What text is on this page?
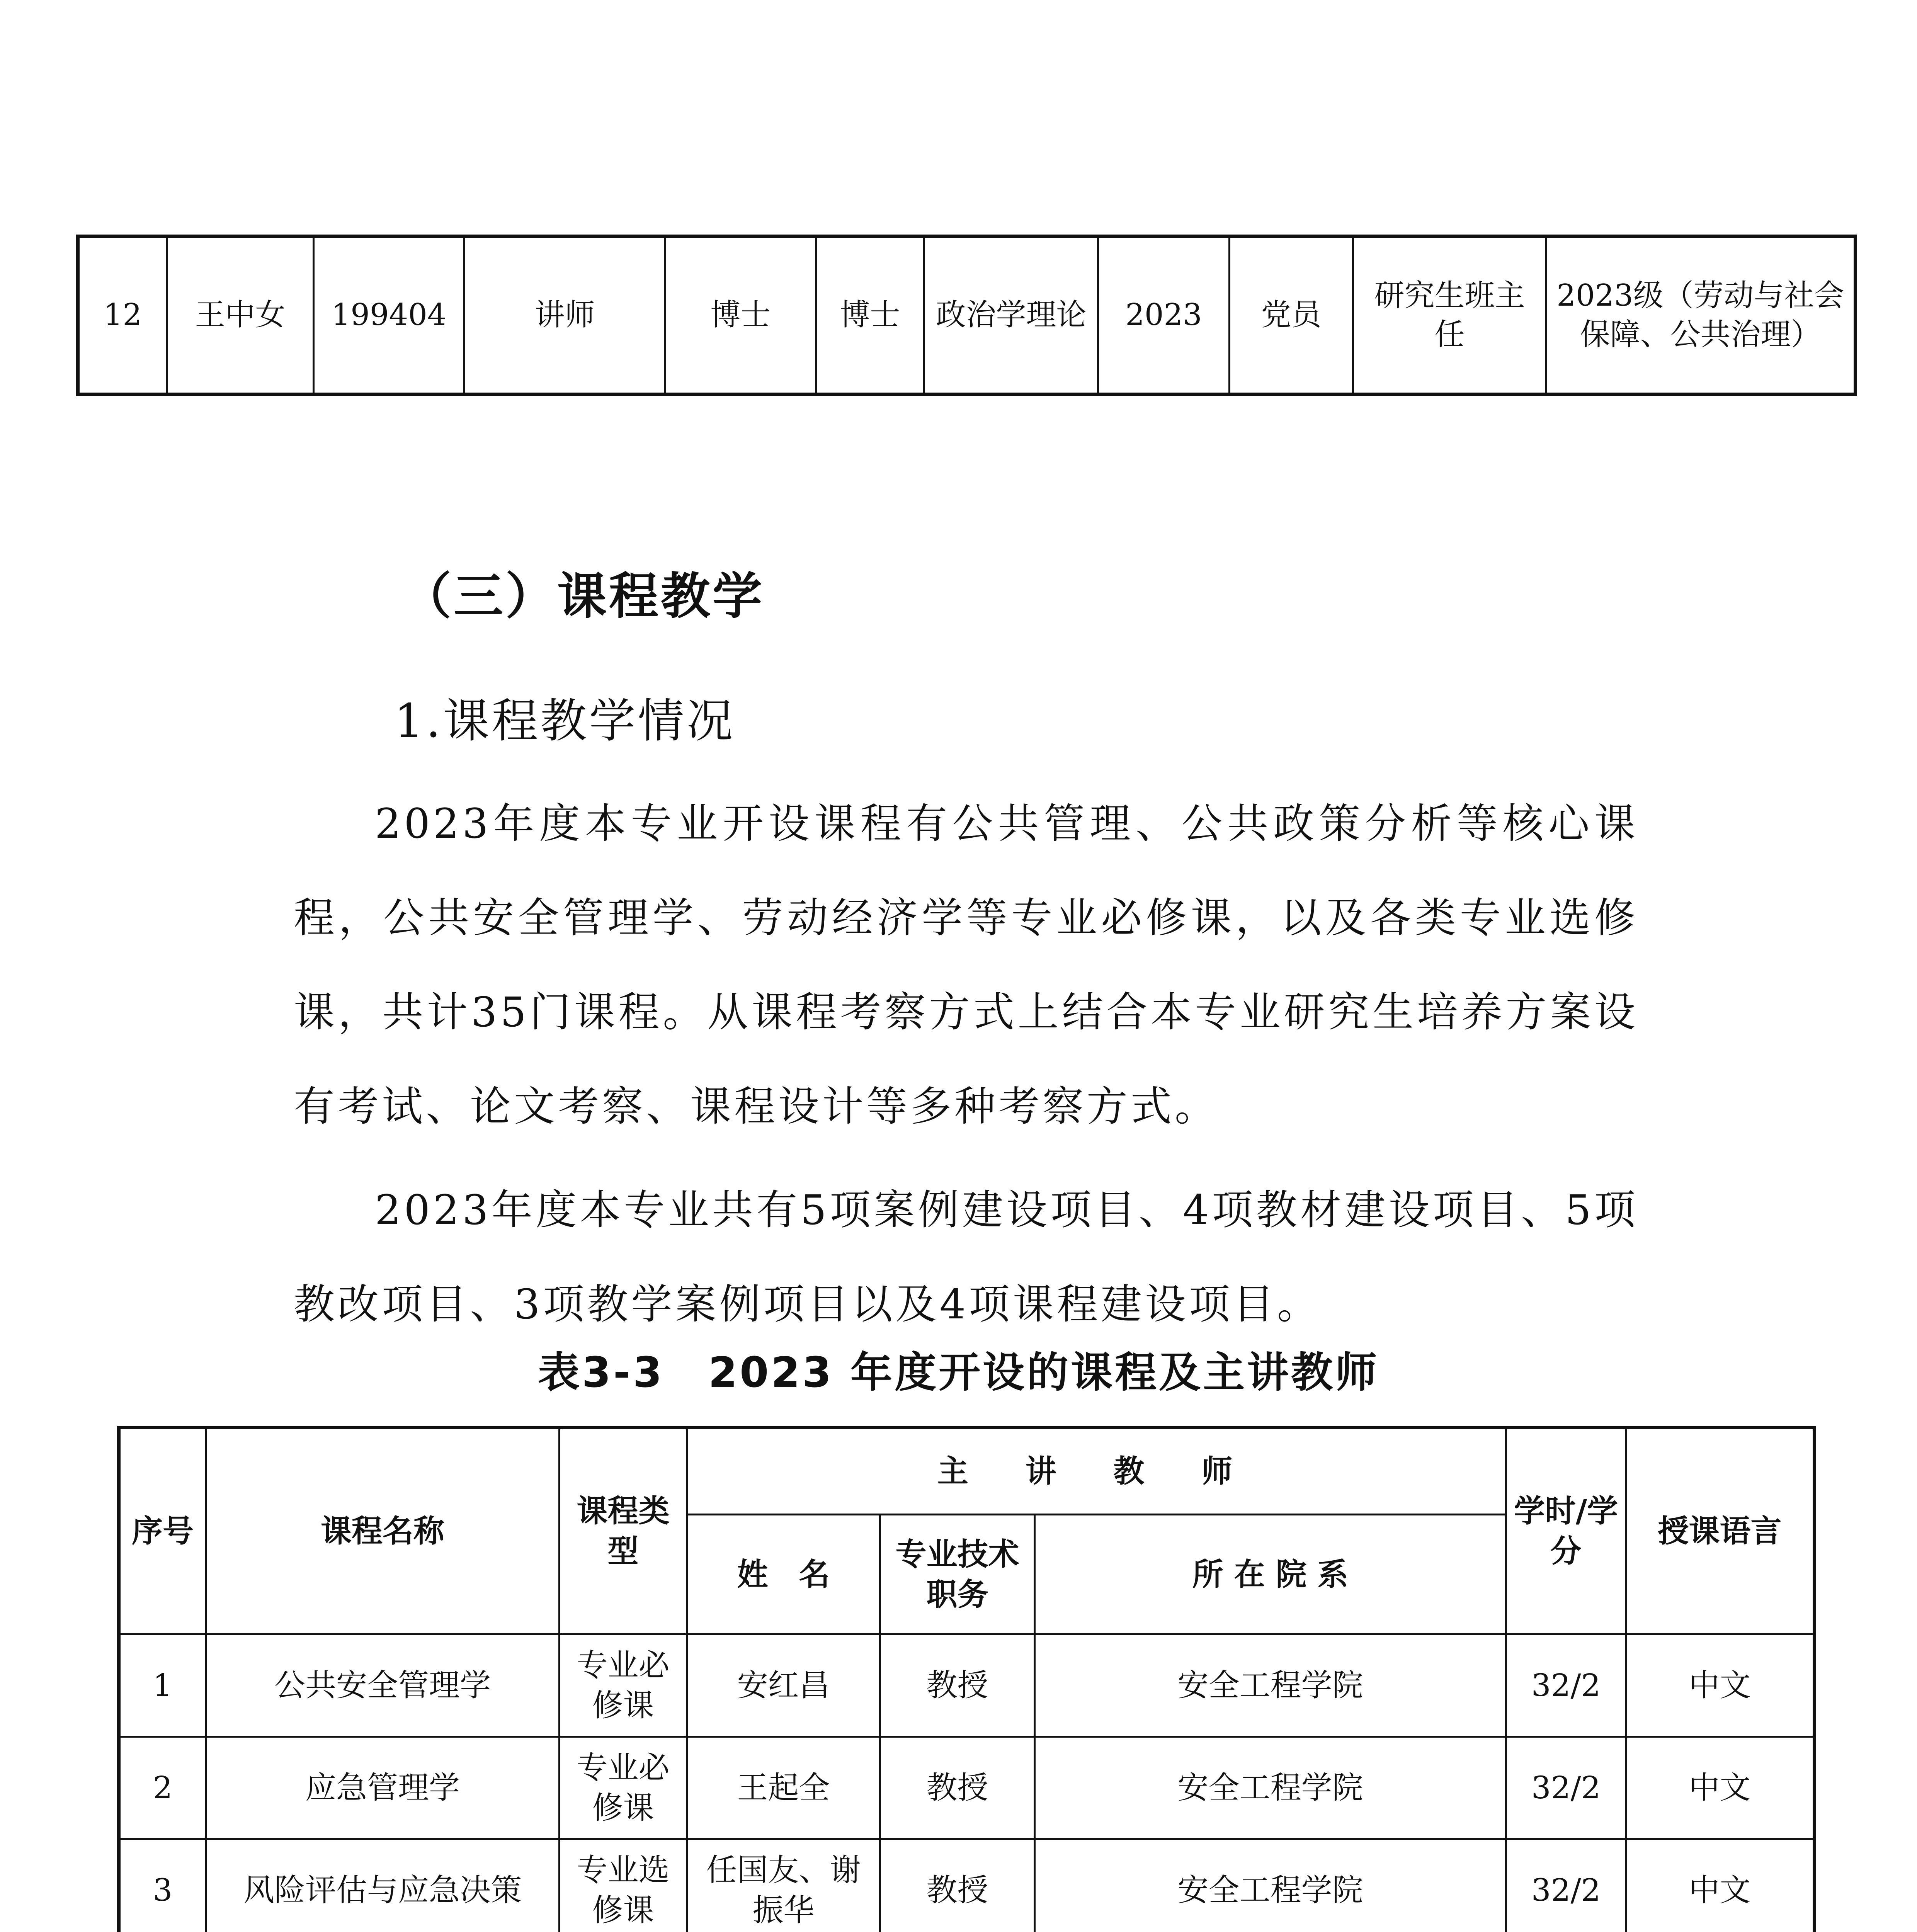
12	王中女	199404	讲师	博士	博士	政治学理论	2023	党员	研究生班主任	2023级（劳动与社会保障、公共治理）
（三）课程教学
1.课程教学情况

2023年度本专业开设课程有公共管理、公共政策分析等核心课程，公共安全管理学、劳动经济学等专业必修课，以及各类专业选修课，共计35门课程。从课程考察方式上结合本专业研究生培养方案设有考试、论文考察、课程设计等多种考察方式。

2023年度本专业共有5项案例建设项目、4项教材建设项目、5项教改项目、3项教学案例项目以及4项课程建设项目。

表3-3　2023 年度开设的课程及主讲教师
序号	课程名称	课程类型	主 讲 教 师			学时/学分	授课语言
			姓　名	专业技术职务	所 在 院 系		
1	公共安全管理学	专业必修课	安红昌	教授	安全工程学院	32/2	中文
2	应急管理学	专业必修课	王起全	教授	安全工程学院	32/2	中文
3	风险评估与应急决策	专业选修课	任国友、谢振华	教授	安全工程学院	32/2	中文
